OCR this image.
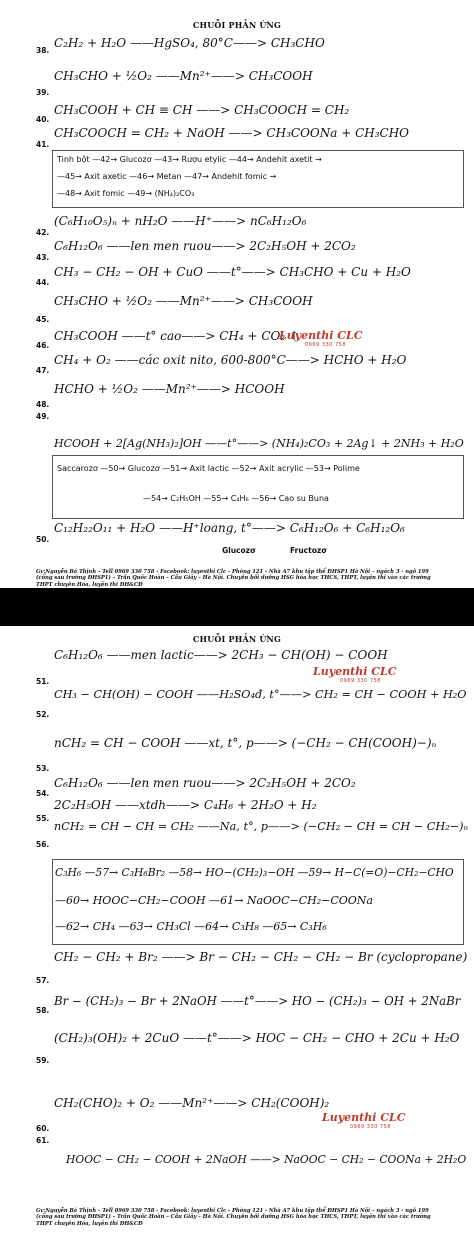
CHUỖI PHẢN ỨNG
38.
C₂H₂ + H₂O ——HgSO₄, 80°C——> CH₃CHO
39.
CH₃CHO + ½O₂ ——Mn²⁺——> CH₃COOH
40.
CH₃COOH + CH ≡ CH ——> CH₃COOCH = CH₂
41.
CH₃COOCH = CH₂ + NaOH ——> CH₃COONa + CH₃CHO
Tinh bột —42→ Glucozơ —43→ Rượu etylic —44→ Andehit axetit →
—45→ Axit axetic —46→ Metan —47→ Andehit fomic →
—48→ Axit fomic —49→ (NH₄)₂CO₃
42.
(C₆H₁₀O₅)ₙ + nH₂O ——H⁺——> nC₆H₁₂O₆
43.
C₆H₁₂O₆ ——len men ruou——> 2C₂H₅OH + 2CO₂
44.
CH₃ − CH₂ − OH + CuO ——t°——> CH₃CHO + Cu + H₂O
45.
CH₃CHO + ½O₂ ——Mn²⁺——> CH₃COOH
46.
CH₃COOH ——t° cao——> CH₄ + CO₂ ↑
Luyenthi CLC
0969 330 758
47.
CH₄ + O₂ ——các oxit nito, 600-800°C——> HCHO + H₂O
48.
HCHO + ½O₂ ——Mn²⁺——> HCOOH
49.
HCOOH + 2[Ag(NH₃)₂]OH ——t°——> (NH₄)₂CO₃ + 2Ag↓ + 2NH₃ + H₂O
Saccarozơ —50→ Glucozơ —51→ Axit lactic —52→ Axit acrylic —53→ Polime
—54→ C₂H₅OH —55→ C₄H₆ —56→ Cao su Buna
50.
C₁₂H₂₂O₁₁ + H₂O ——H⁺loang, t°——> C₆H₁₂O₆ + C₆H₁₂O₆
Glucozơ	Fructozơ
Gv:Nguyễn Bá Thịnh – Tell 0969 330 758 - Facebook: luyenthi Clc - Phòng 121 - Nhà A7 khu tập thể ĐHSP1 Hà Nội – ngách 3 - ngõ 199 (cổng sau trường ĐHSP1) – Trần Quốc Hoàn – Cầu Giấy – Hà Nội. Chuyên bồi dưỡng HSG hóa học THCS, THPT, luyện thi vào các trường THPT chuyên Hóa, luyện thi ĐH&CĐ
CHUỖI PHẢN ỨNG
51.
C₆H₁₂O₆ ——men lactic——> 2CH₃ − CH(OH) − COOH
Luyenthi CLC
0969 330 758
52.
CH₃ − CH(OH) − COOH ——H₂SO₄đ, t°——> CH₂ = CH − COOH + H₂O
53.
nCH₂ = CH − COOH ——xt, t°, p——> (−CH₂ − CH(COOH)−)ₙ
54.
C₆H₁₂O₆ ——len men ruou——> 2C₂H₅OH + 2CO₂
55.
2C₂H₅OH ——xtdh——> C₄H₆ + 2H₂O + H₂
56.
nCH₂ = CH − CH = CH₂ ——Na, t°, p——> (−CH₂ − CH = CH − CH₂−)ₙ
C₃H₆ —57→ C₃H₆Br₂ —58→ HO−(CH₂)₃−OH —59→ H−C(=O)−CH₂−CHO
—60→ HOOC−CH₂−COOH —61→ NaOOC−CH₂−COONa
—62→ CH₄ —63→ CH₃Cl —64→ C₃H₈ —65→ C₃H₆
57.
CH₂ − CH₂ + Br₂ ——> Br − CH₂ − CH₂ − CH₂ − Br (cyclopropane)
58.
Br − (CH₂)₃ − Br + 2NaOH ——t°——> HO − (CH₂)₃ − OH + 2NaBr
59.
(CH₂)₃(OH)₂ + 2CuO ——t°——> HOC − CH₂ − CHO + 2Cu + H₂O
60.
CH₂(CHO)₂ + O₂ ——Mn²⁺——> CH₂(COOH)₂
Luyenthi CLC
0969 330 758
61.
HOOC − CH₂ − COOH + 2NaOH ——> NaOOC − CH₂ − COONa + 2H₂O
Gv:Nguyễn Bá Thịnh – Tell 0969 330 758 - Facebook: luyenthi Clc - Phòng 121 - Nhà A7 khu tập thể ĐHSP1 Hà Nội – ngách 3 - ngõ 199 (cổng sau trường ĐHSP1) – Trần Quốc Hoàn – Cầu Giấy – Hà Nội. Chuyên bồi dưỡng HSG hóa học THCS, THPT, luyện thi vào các trường THPT chuyên Hóa, luyện thi ĐH&CĐ
